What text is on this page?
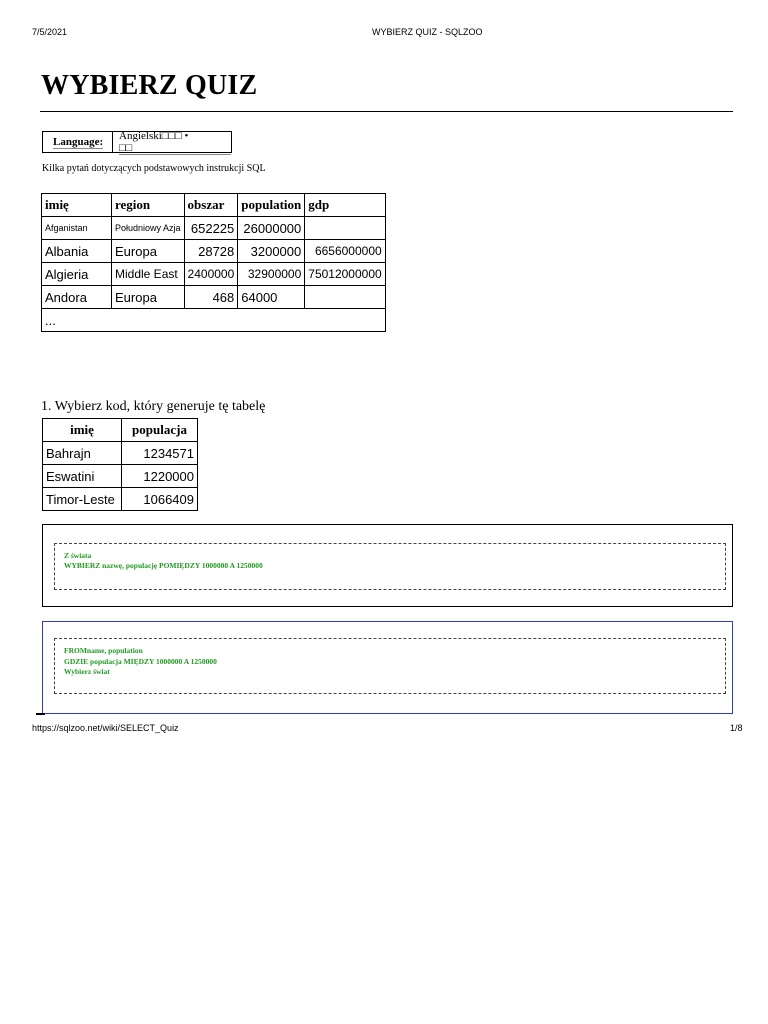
7/5/2021	WYBIERZ QUIZ - SQLZOO
WYBIERZ QUIZ
Language: Angielski□□□ • □□
Kilka pytań dotyczących podstawowych instrukcji SQL
imię	region	obszar	population	gdp
Afganistan	Południowy Azja	652225	26000000	
Albania	Europa	28728	3200000	6656000000
Algieria	Middle East	2400000	32900000	75012000000
Andora	Europa	468	64000	
...				
1. Wybierz kod, który generuje tę tabelę
imię	populacja
Bahrajn	1234571
Eswatini	1220000
Timor-Leste	1066409
Z świata
WYBIERZ nazwę, populację POMIĘDZY 1000000 A 1250000
FROMname, population
GDZIE populacja MIĘDZY 1000000 A 1250000
Wybierz świat
https://sqlzoo.net/wiki/SELECT_Quiz	1/8
